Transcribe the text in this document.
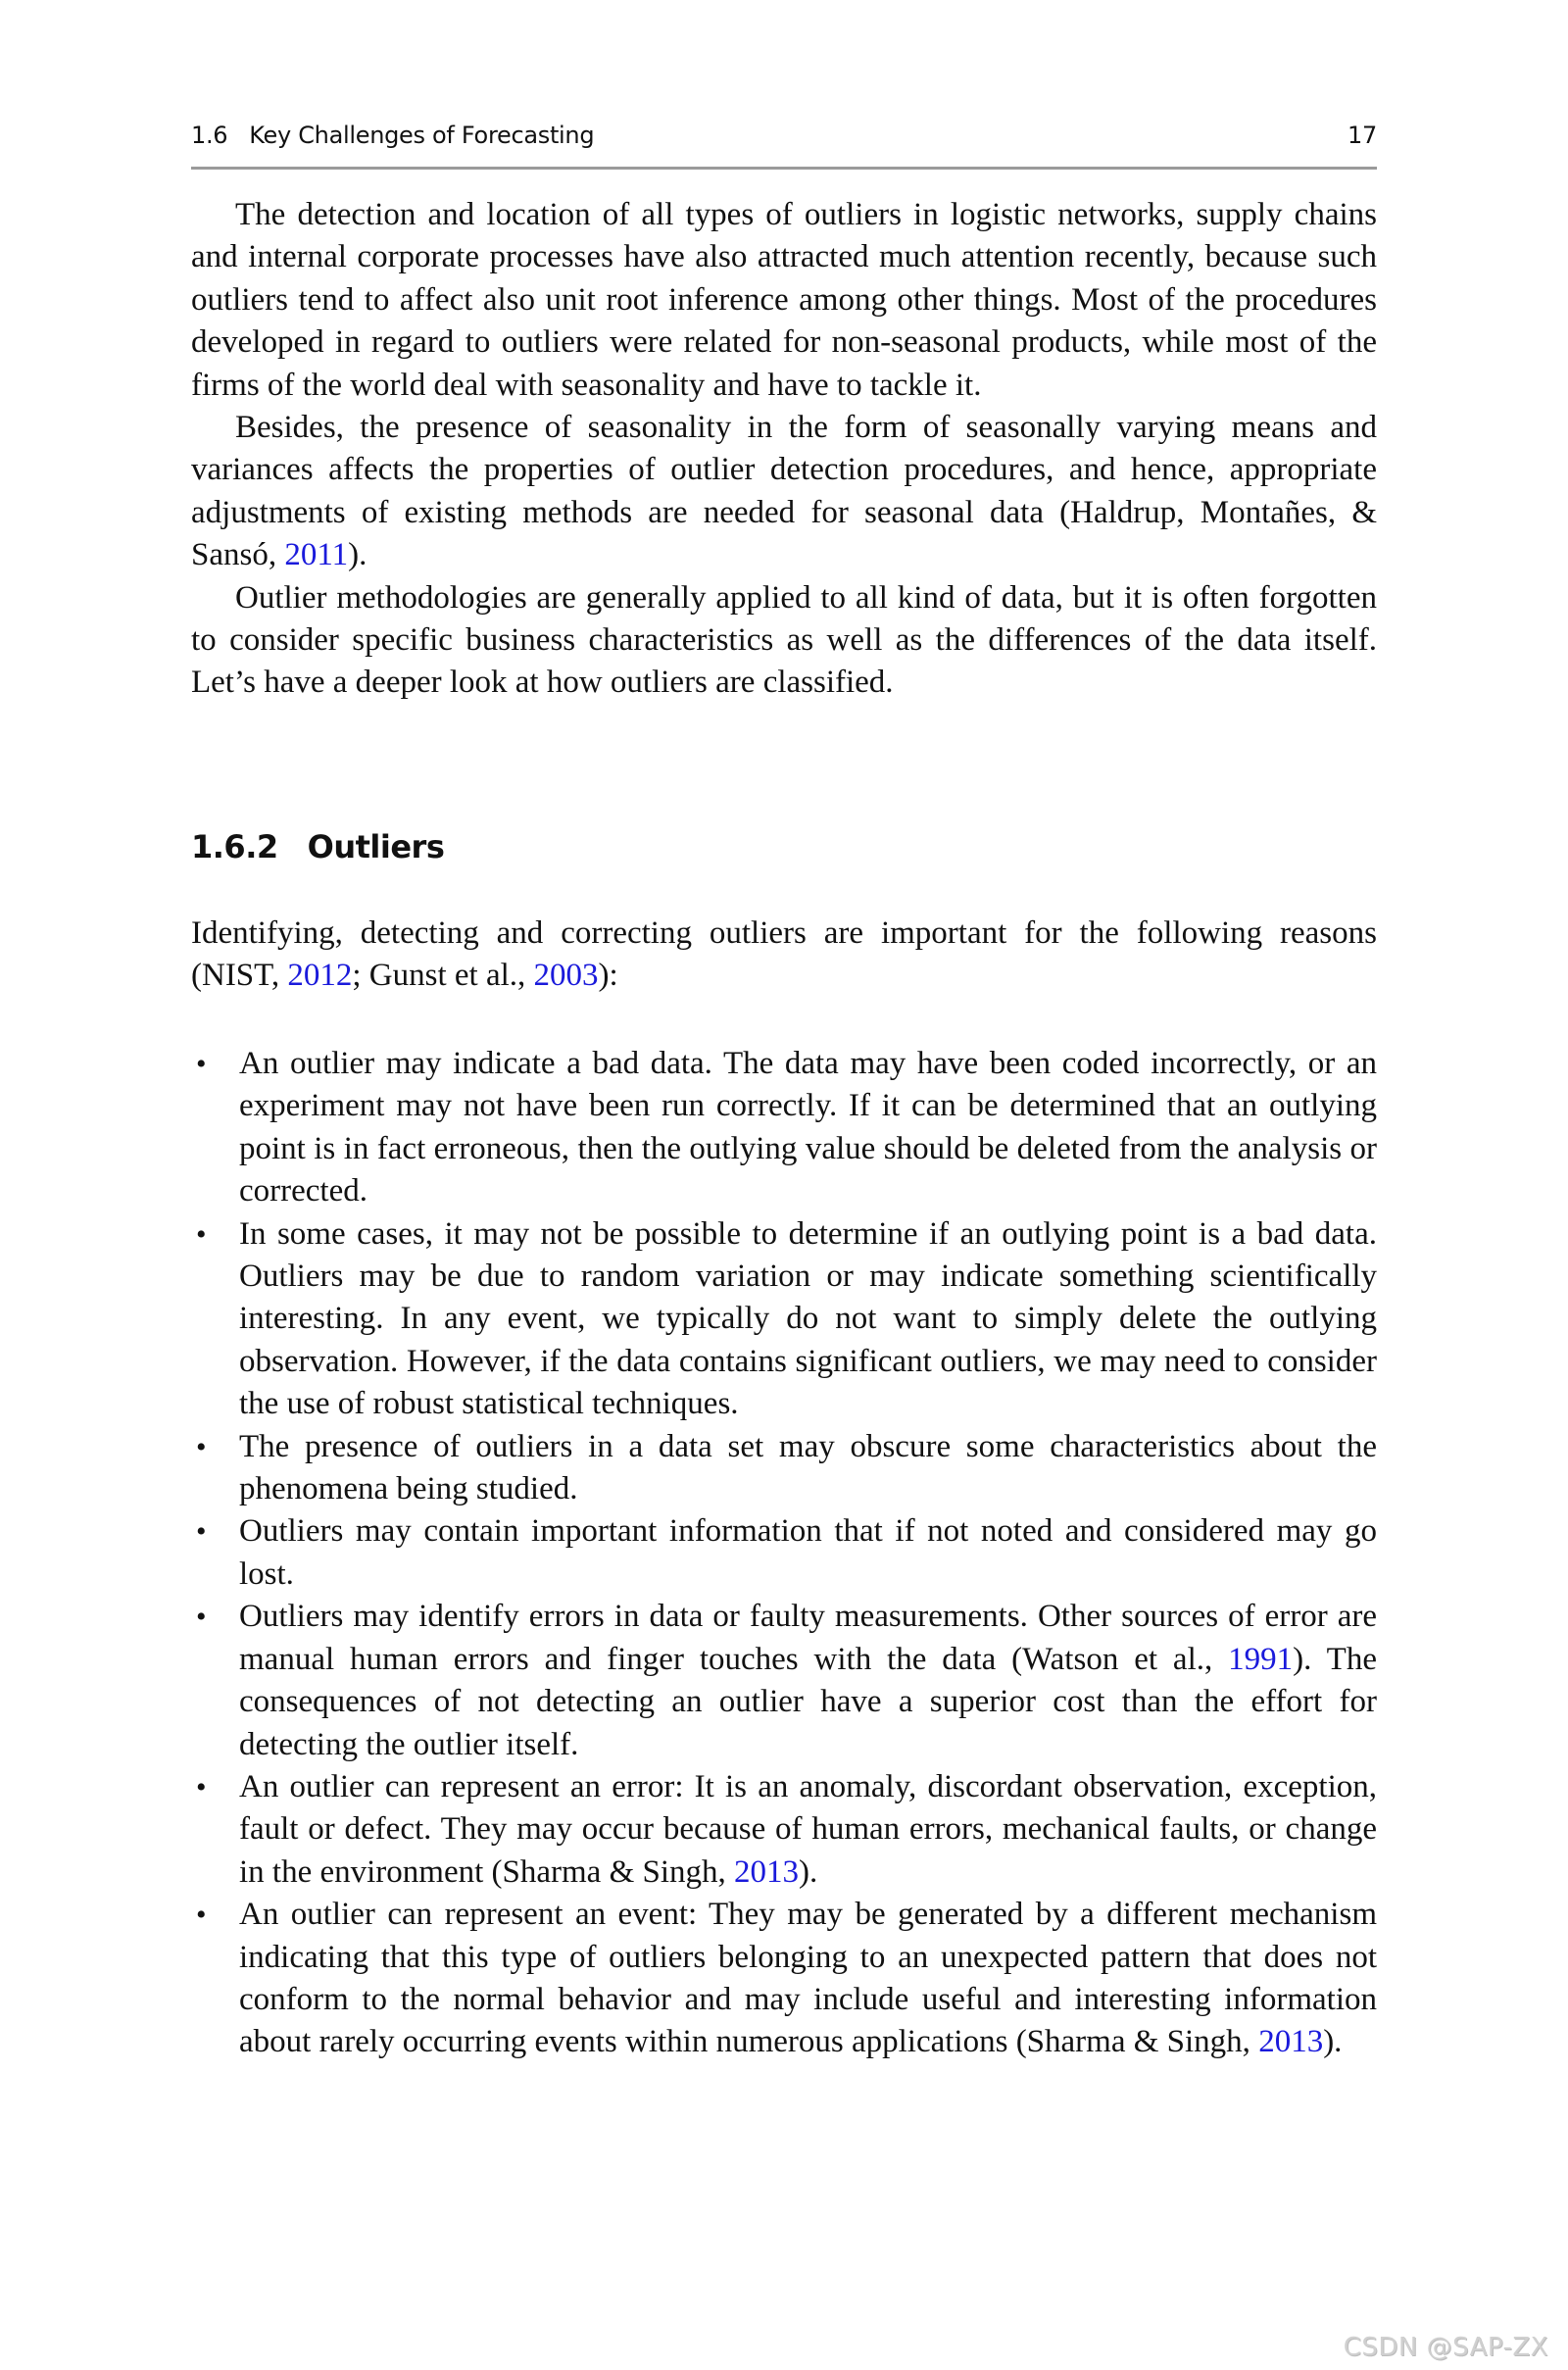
1.6 Key Challenges of Forecasting	17

The detection and location of all types of outliers in logistic networks, supply chains and internal corporate processes have also attracted much attention recently, because such outliers tend to affect also unit root inference among other things. Most of the procedures developed in regard to outliers were related for non-seasonal products, while most of the firms of the world deal with seasonality and have to tackle it.

Besides, the presence of seasonality in the form of seasonally varying means and variances affects the properties of outlier detection procedures, and hence, appropriate adjustments of existing methods are needed for seasonal data (Haldrup, Montañes, & Sansó, 2011).

Outlier methodologies are generally applied to all kind of data, but it is often forgotten to consider specific business characteristics as well as the differences of the data itself. Let’s have a deeper look at how outliers are classified.

1.6.2 Outliers

Identifying, detecting and correcting outliers are important for the following reasons (NIST, 2012; Gunst et al., 2003):

• An outlier may indicate a bad data. The data may have been coded incorrectly, or an experiment may not have been run correctly. If it can be determined that an outlying point is in fact erroneous, then the outlying value should be deleted from the analysis or corrected.
• In some cases, it may not be possible to determine if an outlying point is a bad data. Outliers may be due to random variation or may indicate something scientifically interesting. In any event, we typically do not want to simply delete the outlying observation. However, if the data contains significant outliers, we may need to consider the use of robust statistical techniques.
• The presence of outliers in a data set may obscure some characteristics about the phenomena being studied.
• Outliers may contain important information that if not noted and considered may go lost.
• Outliers may identify errors in data or faulty measurements. Other sources of error are manual human errors and finger touches with the data (Watson et al., 1991). The consequences of not detecting an outlier have a superior cost than the effort for detecting the outlier itself.
• An outlier can represent an error: It is an anomaly, discordant observation, exception, fault or defect. They may occur because of human errors, mechanical faults, or change in the environment (Sharma & Singh, 2013).
• An outlier can represent an event: They may be generated by a different mechanism indicating that this type of outliers belonging to an unexpected pattern that does not conform to the normal behavior and may include useful and interesting information about rarely occurring events within numerous applications (Sharma & Singh, 2013).
CSDN @SAP-ZX
